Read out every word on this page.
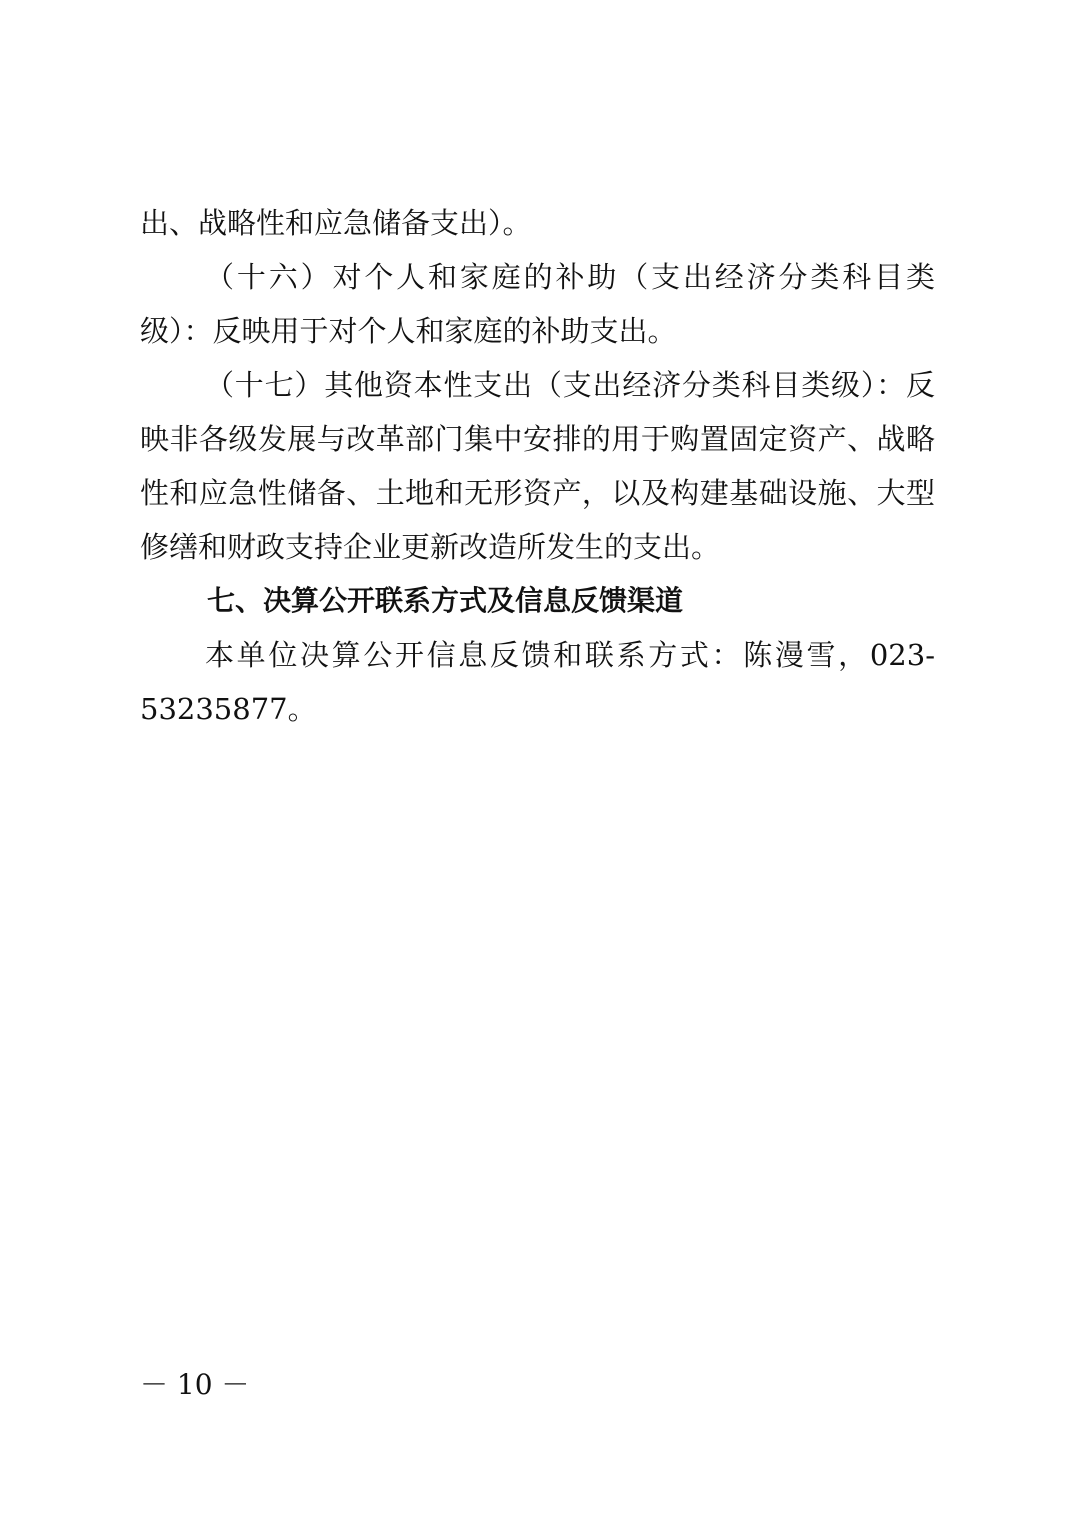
出、战略性和应急储备支出）。
（十六）对个人和家庭的补助（支出经济分类科目类
级）：反映用于对个人和家庭的补助支出。
（十七）其他资本性支出（支出经济分类科目类级）：反
映非各级发展与改革部门集中安排的用于购置固定资产、战略
性和应急性储备、土地和无形资产，以及构建基础设施、大型
修缮和财政支持企业更新改造所发生的支出。
七、决算公开联系方式及信息反馈渠道
本单位决算公开信息反馈和联系方式：陈漫雪，023-
53235877。
－ 10 －
